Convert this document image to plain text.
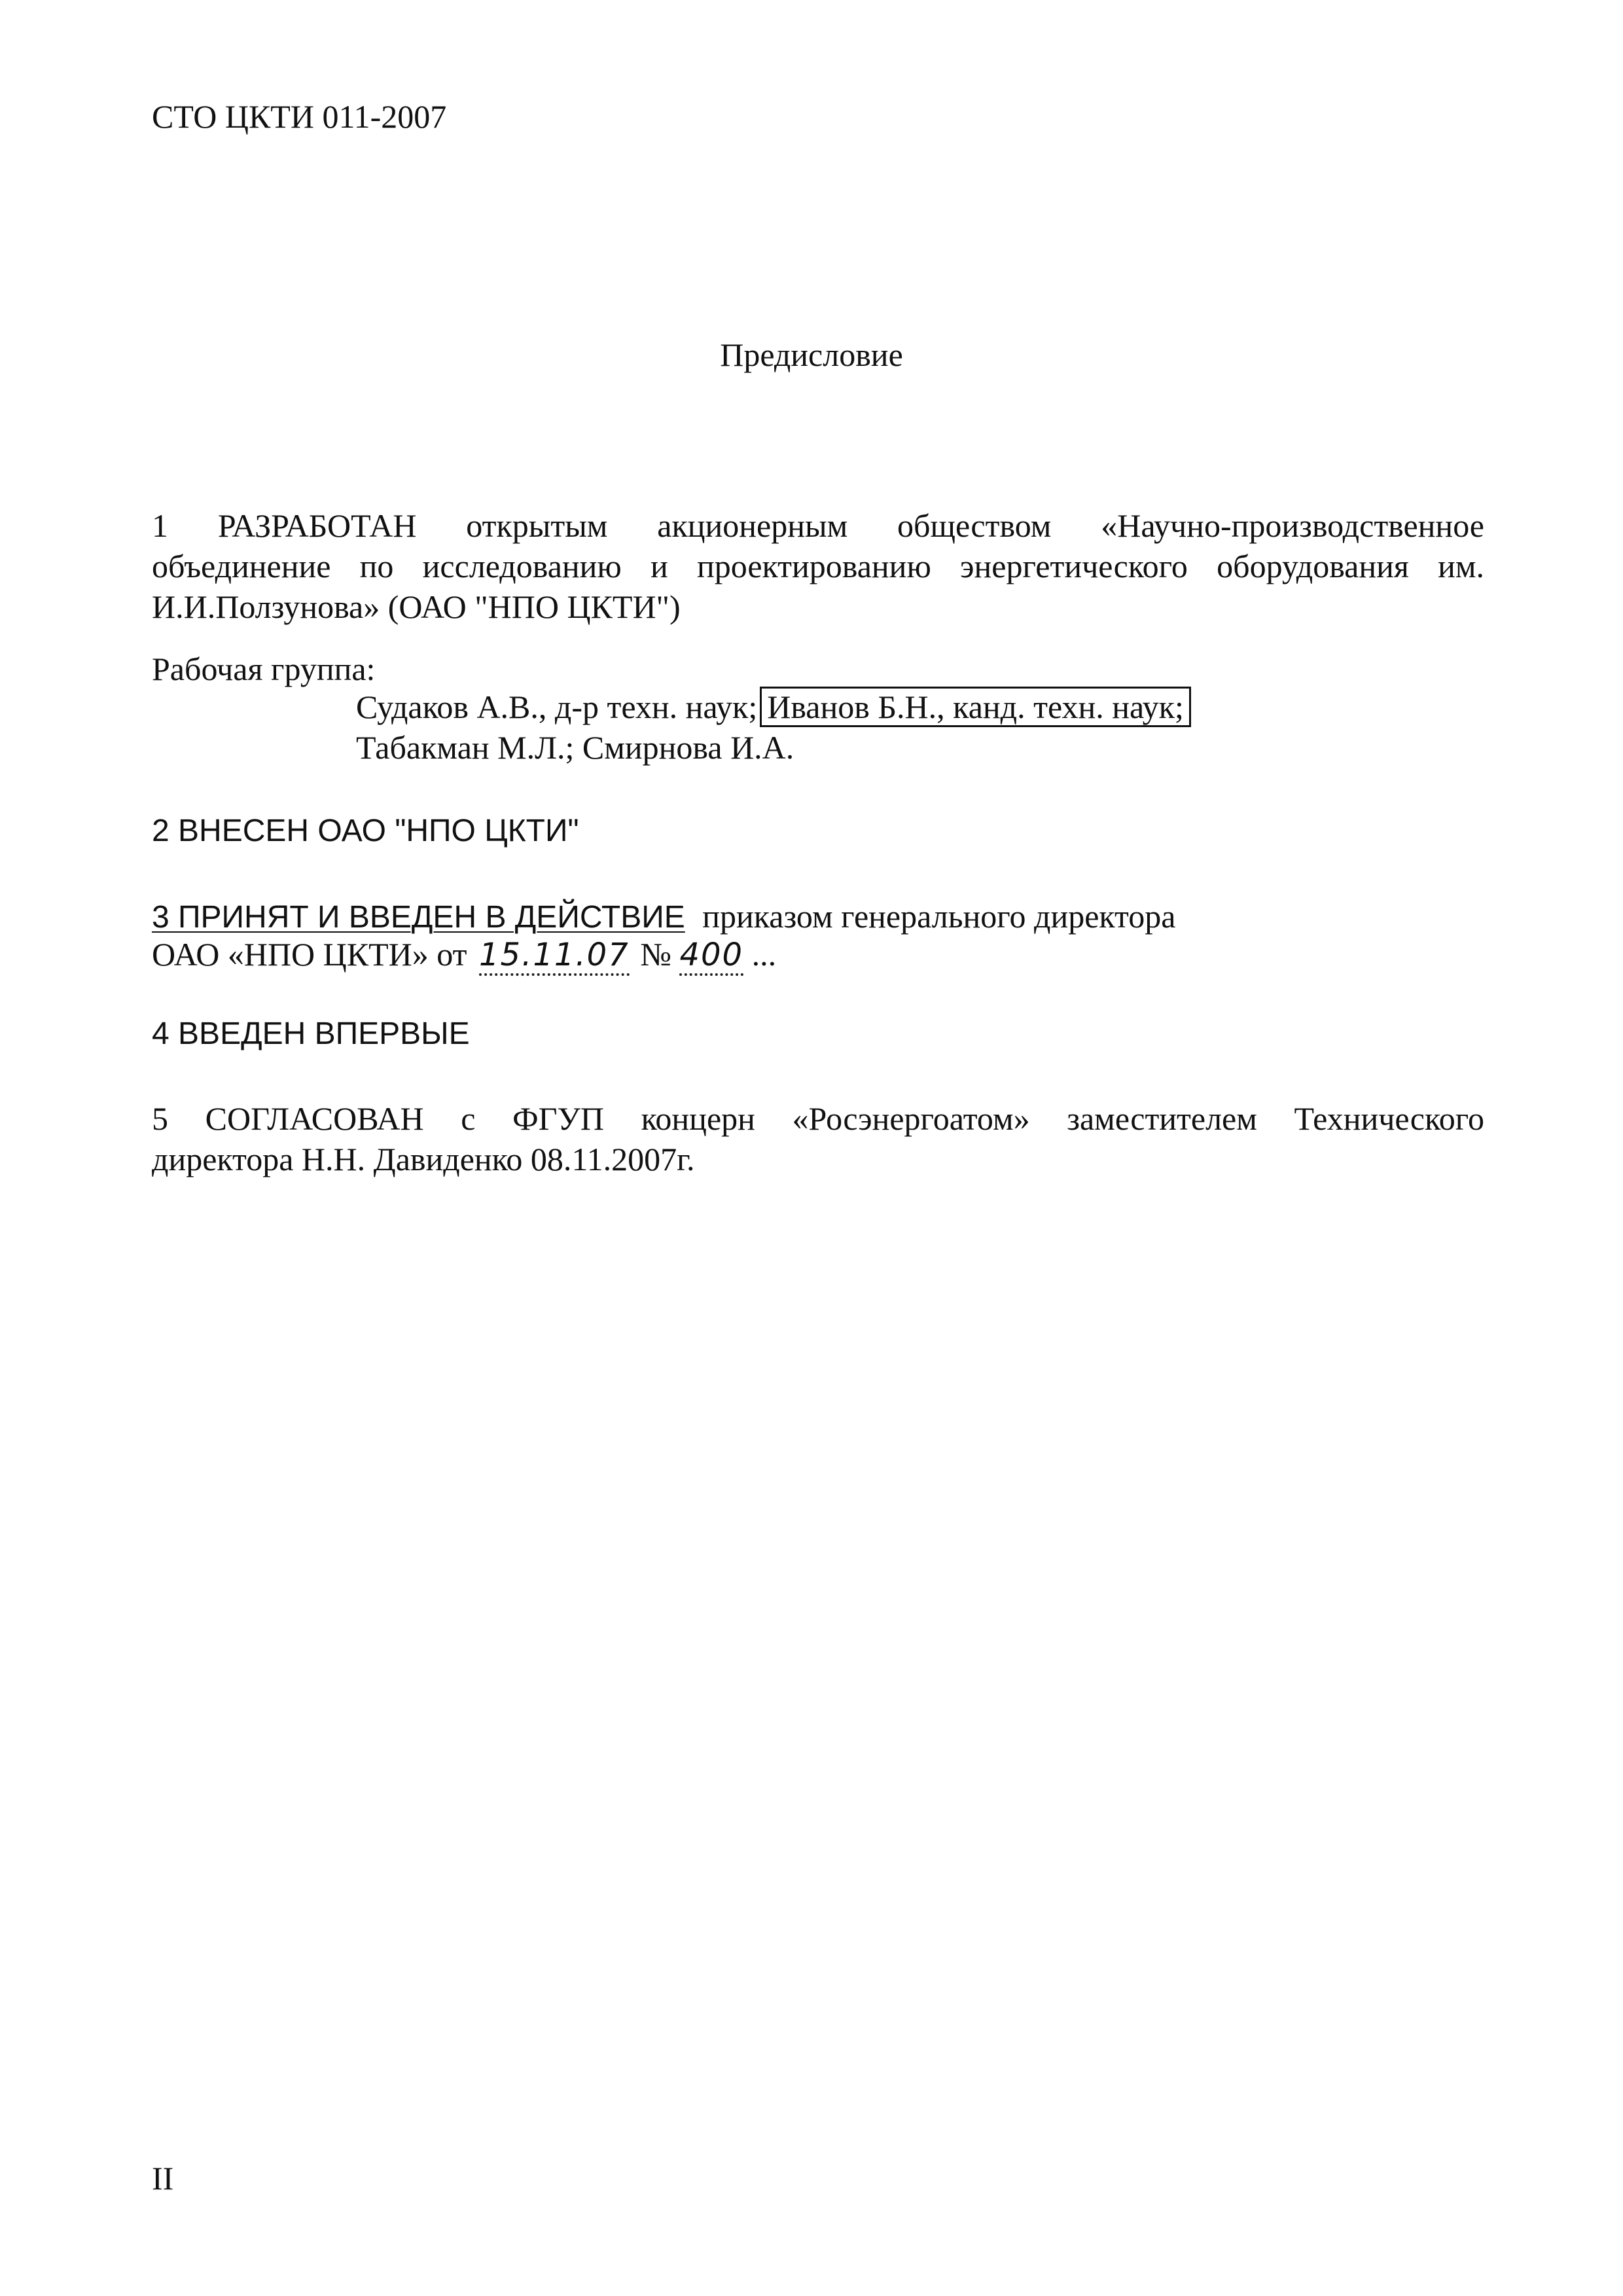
СТО ЦКТИ 011-2007
Предисловие
1 РАЗРАБОТАН открытым акционерным обществом «Научно-производственное
объединение по исследованию и проектированию энергетического оборудования им.
И.И.Ползунова» (ОАО "НПО ЦКТИ")
Рабочая группа:
Судаков А.В., д-р техн. наук; Иванов Б.Н., канд. техн. наук;
Табакман М.Л.; Смирнова И.А.
2 ВНЕСЕН ОАО "НПО ЦКТИ"
3 ПРИНЯТ И ВВЕДЕН В ДЕЙСТВИЕ приказом генерального директора
ОАО «НПО ЦКТИ» от 15.11.07 № 400 ...
4 ВВЕДЕН ВПЕРВЫЕ
5 СОГЛАСОВАН с ФГУП концерн «Росэнергоатом» заместителем Технического
директора Н.Н. Давиденко 08.11.2007г.
II
